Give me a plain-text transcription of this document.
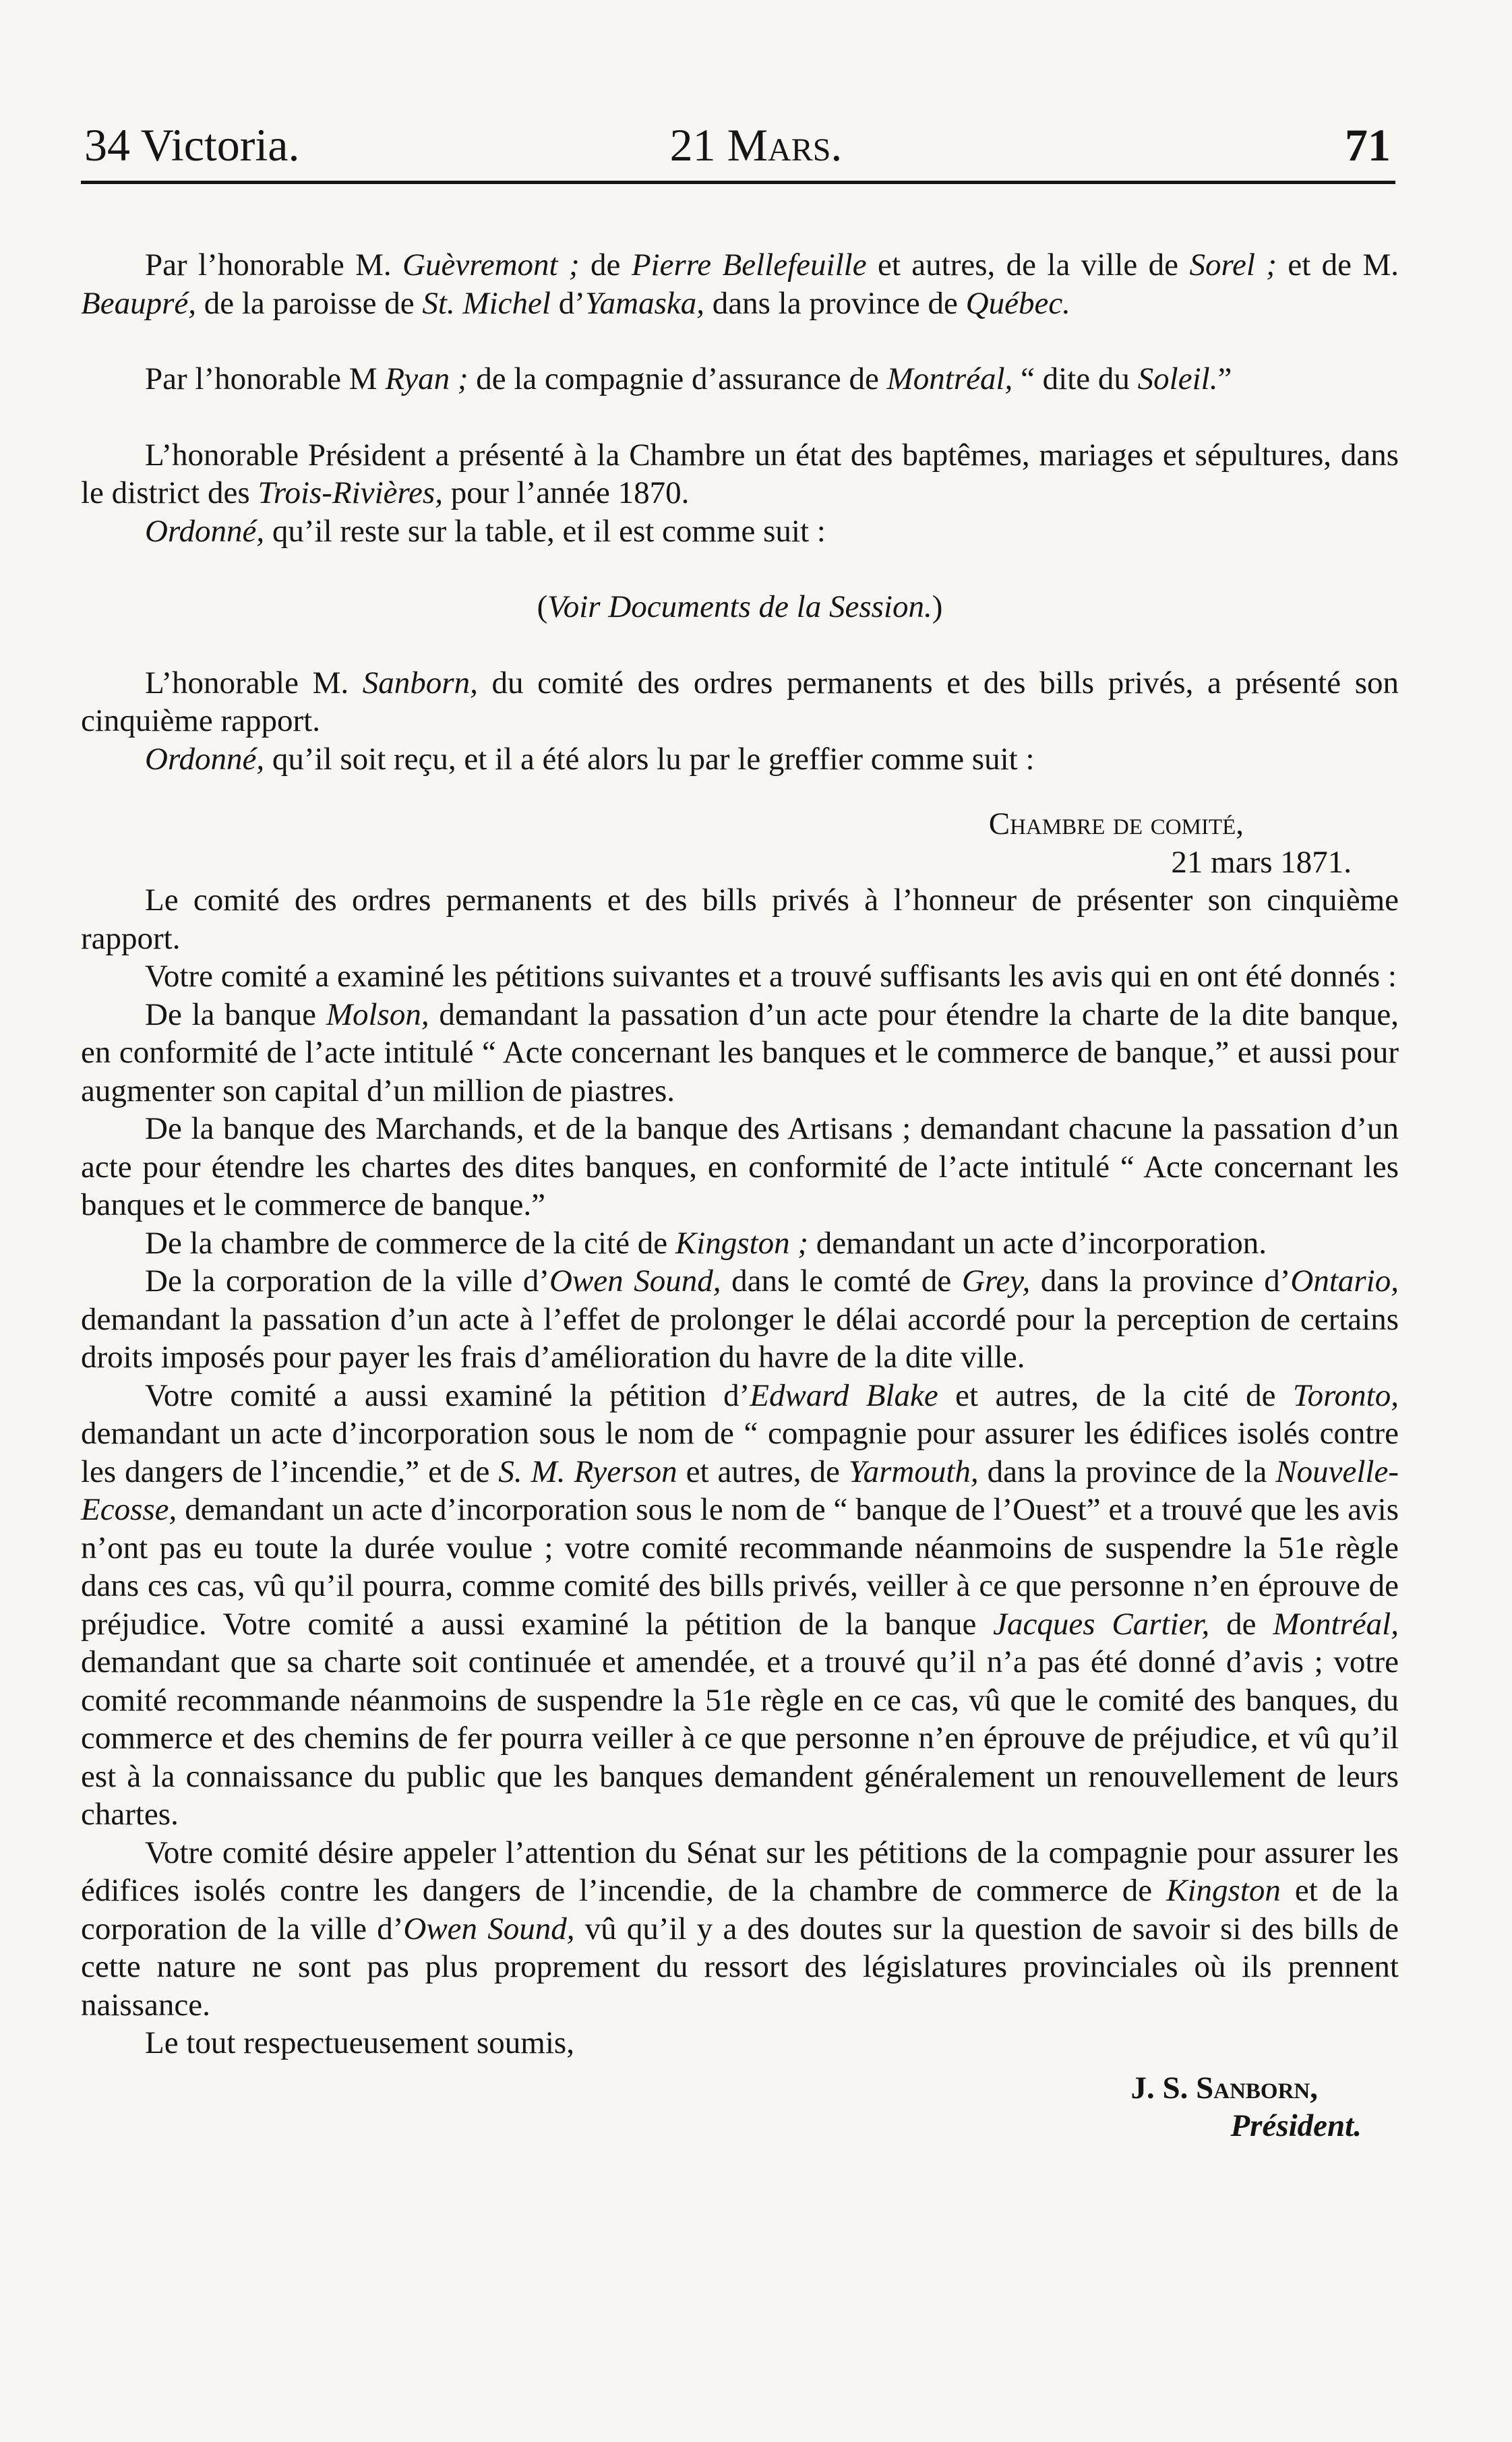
34 Victoria.	21 Mars.	71

Par l’honorable M. Guèvremont ; de Pierre Bellefeuille et autres, de la ville de Sorel ; et de M. Beaupré, de la paroisse de St. Michel d’Yamaska, dans la province de Québec.

Par l’honorable M Ryan ; de la compagnie d’assurance de Montréal, “ dite du Soleil.”

L’honorable Président a présenté à la Chambre un état des baptêmes, mariages et sépultures, dans le district des Trois-Rivières, pour l’année 1870.

Ordonné, qu’il reste sur la table, et il est comme suit :

(Voir Documents de la Session.)

L’honorable M. Sanborn, du comité des ordres permanents et des bills privés, a présenté son cinquième rapport.

Ordonné, qu’il soit reçu, et il a été alors lu par le greffier comme suit :

Chambre de comité,

21 mars 1871.

Le comité des ordres permanents et des bills privés à l’honneur de présenter son cinquième rapport.

Votre comité a examiné les pétitions suivantes et a trouvé suffisants les avis qui en ont été donnés :

De la banque Molson, demandant la passation d’un acte pour étendre la charte de la dite banque, en conformité de l’acte intitulé “ Acte concernant les banques et le commerce de banque,” et aussi pour augmenter son capital d’un million de piastres.

De la banque des Marchands, et de la banque des Artisans ; demandant chacune la passation d’un acte pour étendre les chartes des dites banques, en conformité de l’acte intitulé “ Acte concernant les banques et le commerce de banque.”

De la chambre de commerce de la cité de Kingston ; demandant un acte d’incorporation.

De la corporation de la ville d’Owen Sound, dans le comté de Grey, dans la province d’Ontario, demandant la passation d’un acte à l’effet de prolonger le délai accordé pour la perception de certains droits imposés pour payer les frais d’amélioration du havre de la dite ville.

Votre comité a aussi examiné la pétition d’Edward Blake et autres, de la cité de Toronto, demandant un acte d’incorporation sous le nom de “ compagnie pour assurer les édifices isolés contre les dangers de l’incendie,” et de S. M. Ryerson et autres, de Yarmouth, dans la province de la Nouvelle-Ecosse, demandant un acte d’incorporation sous le nom de “ banque de l’Ouest” et a trouvé que les avis n’ont pas eu toute la durée voulue ; votre comité recommande néanmoins de suspendre la 51e règle dans ces cas, vû qu’il pourra, comme comité des bills privés, veiller à ce que personne n’en éprouve de préjudice. Votre comité a aussi examiné la pétition de la banque Jacques Cartier, de Montréal, demandant que sa charte soit continuée et amendée, et a trouvé qu’il n’a pas été donné d’avis ; votre comité recommande néanmoins de suspendre la 51e règle en ce cas, vû que le comité des banques, du commerce et des chemins de fer pourra veiller à ce que personne n’en éprouve de préjudice, et vû qu’il est à la connaissance du public que les banques demandent généralement un renouvellement de leurs chartes.

Votre comité désire appeler l’attention du Sénat sur les pétitions de la compagnie pour assurer les édifices isolés contre les dangers de l’incendie, de la chambre de commerce de Kingston et de la corporation de la ville d’Owen Sound, vû qu’il y a des doutes sur la question de savoir si des bills de cette nature ne sont pas plus proprement du ressort des législatures provinciales où ils prennent naissance.

Le tout respectueusement soumis,

J. S. Sanborn,

Président.
